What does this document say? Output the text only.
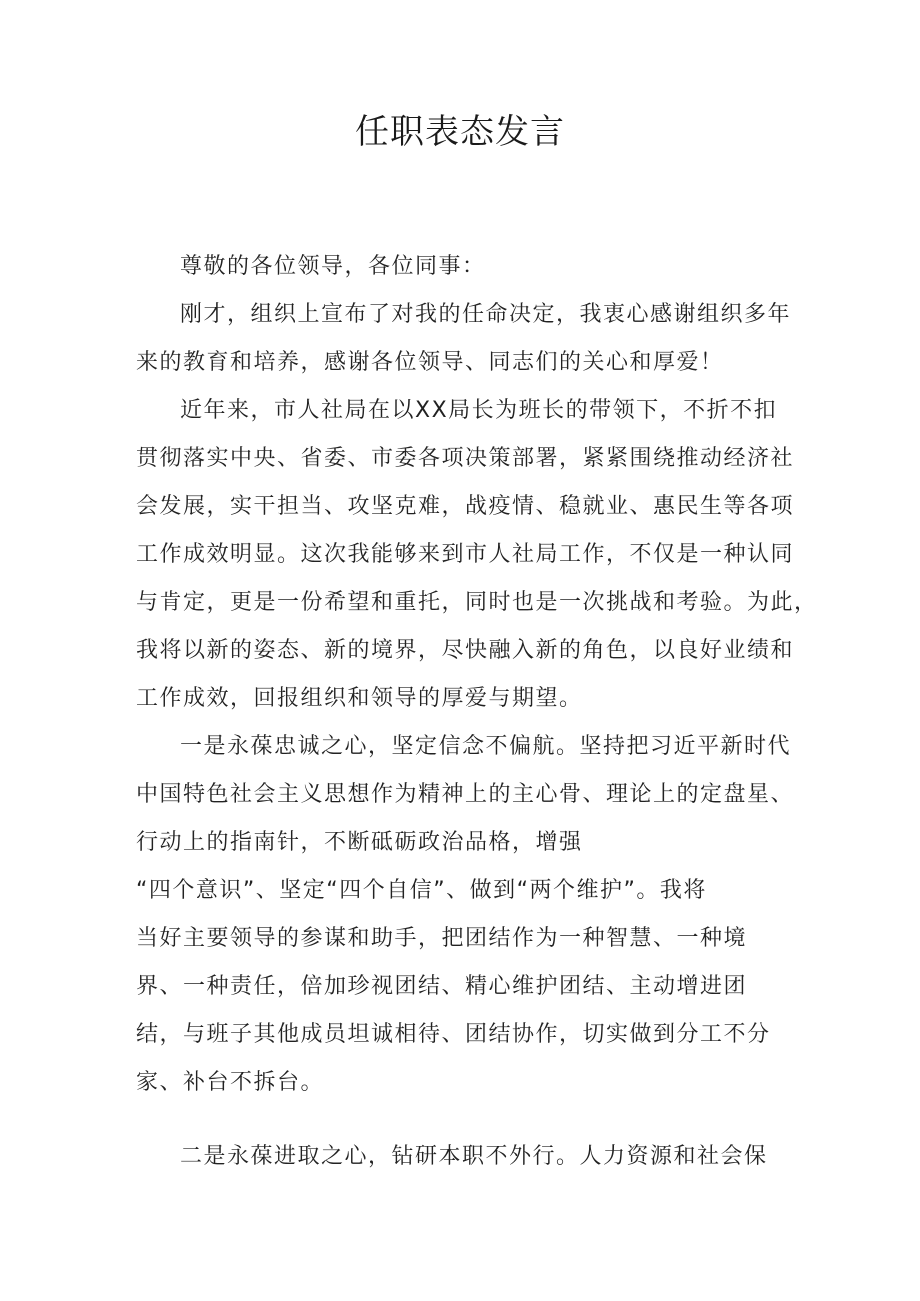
任职表态发言
尊敬的各位领导，各位同事：
刚才，组织上宣布了对我的任命决定，我衷心感谢组织多年
来的教育和培养，感谢各位领导、同志们的关心和厚爱！
近年来，市人社局在以XX局长为班长的带领下，不折不扣
贯彻落实中央、省委、市委各项决策部署，紧紧围绕推动经济社
会发展，实干担当、攻坚克难，战疫情、稳就业、惠民生等各项
工作成效明显。这次我能够来到市人社局工作，不仅是一种认同
与肯定，更是一份希望和重托，同时也是一次挑战和考验。为此，
我将以新的姿态、新的境界，尽快融入新的角色，以良好业绩和
工作成效，回报组织和领导的厚爱与期望。
一是永葆忠诚之心，坚定信念不偏航。坚持把习近平新时代
中国特色社会主义思想作为精神上的主心骨、理论上的定盘星、
行动上的指南针，不断砥砺政治品格，增强
“四个意识”、坚定“四个自信”、做到“两个维护”。我将
当好主要领导的参谋和助手，把团结作为一种智慧、一种境
界、一种责任，倍加珍视团结、精心维护团结、主动增进团
结，与班子其他成员坦诚相待、团结协作，切实做到分工不分
家、补台不拆台。
二是永葆进取之心，钻研本职不外行。人力资源和社会保
